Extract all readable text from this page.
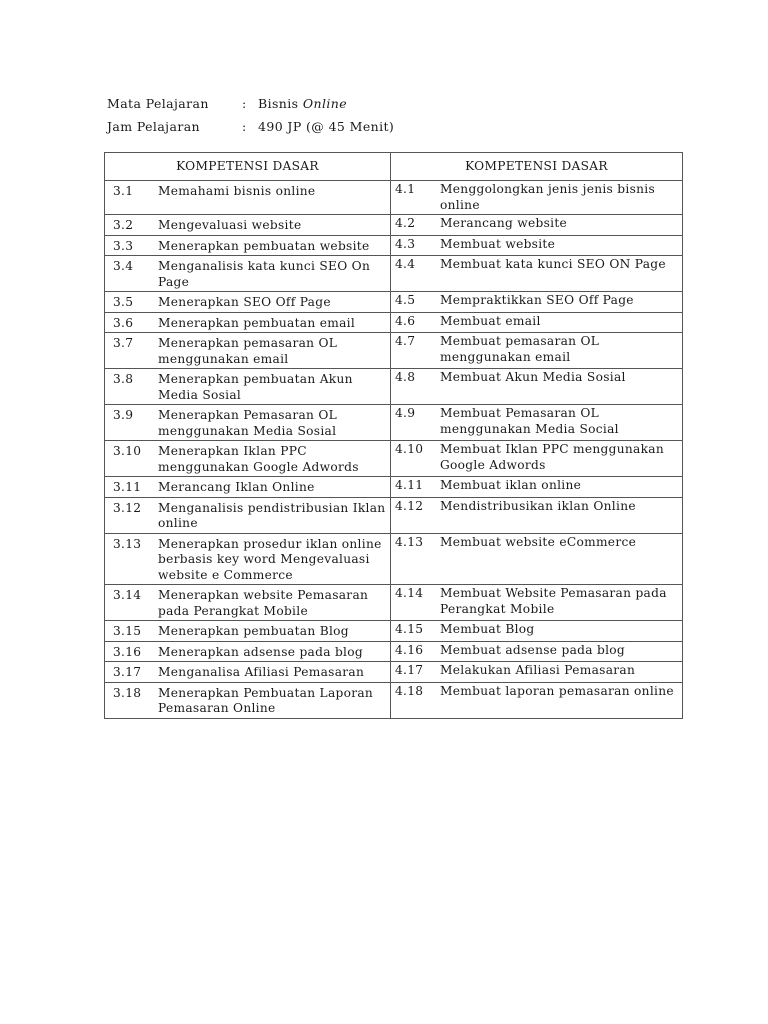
Mata Pelajaran	: Bisnis Online
Jam Pelajaran	: 490 JP (@ 45 Menit)
KOMPETENSI DASAR	KOMPETENSI DASAR

3.1 Memahami bisnis online	4.1 Menggolongkan jenis jenis bisnis online

3.2 Mengevaluasi website	4.2 Merancang website

3.3 Menerapkan pembuatan website	4.3 Membuat website

3.4 Menganalisis kata kunci SEO On Page	4.4 Membuat kata kunci SEO ON Page

3.5 Menerapkan SEO Off Page	4.5 Mempraktikkan SEO Off Page

3.6 Menerapkan pembuatan email	4.6 Membuat email

3.7 Menerapkan pemasaran OL menggunakan email	4.7 Membuat pemasaran OL menggunakan email

3.8 Menerapkan pembuatan Akun Media Sosial	4.8 Membuat Akun Media Sosial

3.9 Menerapkan Pemasaran OL menggunakan Media Sosial	4.9 Membuat Pemasaran OL menggunakan Media Social

3.10 Menerapkan Iklan PPC menggunakan Google Adwords	4.10 Membuat Iklan PPC menggunakan Google Adwords

3.11 Merancang Iklan Online	4.11 Membuat iklan online

3.12 Menganalisis pendistribusian Iklan online	4.12 Mendistribusikan iklan Online

3.13 Menerapkan prosedur iklan online berbasis key word Mengevaluasi website e Commerce	4.13 Membuat website eCommerce

3.14 Menerapkan website Pemasaran pada Perangkat Mobile	4.14 Membuat Website Pemasaran pada Perangkat Mobile

3.15 Menerapkan pembuatan Blog	4.15 Membuat Blog

3.16 Menerapkan adsense pada blog	4.16 Membuat adsense pada blog

3.17 Menganalisa Afiliasi Pemasaran	4.17 Melakukan Afiliasi Pemasaran

3.18 Menerapkan Pembuatan Laporan Pemasaran Online	4.18 Membuat laporan pemasaran online
